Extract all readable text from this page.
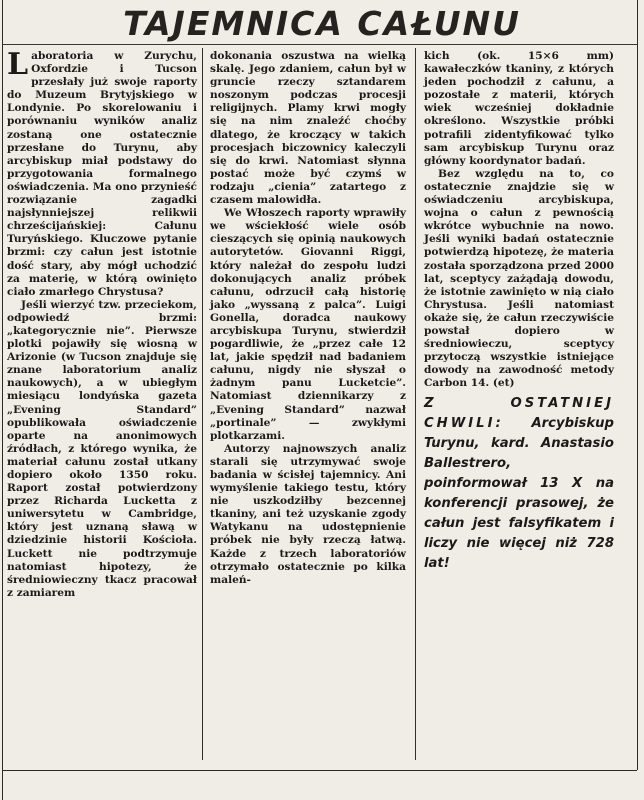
TAJEMNICA CAŁUNU

Laboratoria w Zurychu, Oxfordzie i Tucson przesłały już swoje raporty do Muzeum Brytyjskiego w Londynie. Po skorelowaniu i porównaniu wyników analiz zostaną one ostatecznie przesłane do Turynu, aby arcybiskup miał podstawy do przygotowania formalnego oświadczenia. Ma ono przynieść rozwiązanie zagadki najsłynniejszej relikwii chrześcijańskiej: Całunu Turyńskiego. Kluczowe pytanie brzmi: czy całun jest istotnie dość stary, aby mógł uchodzić za materię, w którą owinięto ciało zmarłego Chrystusa?

Jeśli wierzyć tzw. przeciekom, odpowiedź brzmi: „kategorycznie nie”. Pierwsze plotki pojawiły się wiosną w Arizonie (w Tucson znajduje się znane laboratorium analiz naukowych), a w ubiegłym miesiącu londyńska gazeta „Evening Standard” opublikowała oświadczenie oparte na anonimowych źródłach, z którego wynika, że materiał całunu został utkany dopiero około 1350 roku. Raport został potwierdzony przez Richarda Lucketta z uniwersytetu w Cambridge, który jest uznaną sławą w dziedzinie historii Kościoła. Luckett nie podtrzymuje natomiast hipotezy, że średniowieczny tkacz pracował z zamiarem

dokonania oszustwa na wielką skalę. Jego zdaniem, całun był w gruncie rzeczy sztandarem noszonym podczas procesji religijnych. Plamy krwi mogły się na nim znaleźć choćby dlatego, że kroczący w takich procesjach biczownicy kaleczyli się do krwi. Natomiast słynna postać może być czymś w rodzaju „cienia” zatartego z czasem malowidła.

We Włoszech raporty wprawiły we wściekłość wiele osób cieszących się opinią naukowych autorytetów. Giovanni Riggi, który należał do zespołu ludzi dokonujących analiz próbek całunu, odrzucił całą historię jako „wyssaną z palca”. Luigi Gonella, doradca naukowy arcybiskupa Turynu, stwierdził pogardliwie, że „przez całe 12 lat, jakie spędził nad badaniem całunu, nigdy nie słyszał o żadnym panu Lucketcie”. Natomiast dziennikarzy z „Evening Standard” nazwał „portinale” — zwykłymi plotkarzami.

Autorzy najnowszych analiz starali się utrzymywać swoje badania w ścisłej tajemnicy. Ani wymyślenie takiego testu, który nie uszkodziłby bezcennej tkaniny, ani też uzyskanie zgody Watykanu na udostępnienie próbek nie były rzeczą łatwą. Każde z trzech laboratoriów otrzymało ostatecznie po kilka maleń-

kich (ok. 15×6 mm) kawałeczków tkaniny, z których jeden pochodził z całunu, a pozostałe z materii, których wiek wcześniej dokładnie określono. Wszystkie próbki potrafili zidentyfikować tylko sam arcybiskup Turynu oraz główny koordynator badań.

Bez względu na to, co ostatecznie znajdzie się w oświadczeniu arcybiskupa, wojna o całun z pewnością wkrótce wybuchnie na nowo. Jeśli wyniki badań ostatecznie potwierdzą hipotezę, że materia została sporządzona przed 2000 lat, sceptycy zażądają dowodu, że istotnie zawinięto w nią ciało Chrystusa. Jeśli natomiast okaże się, że całun rzeczywiście powstał dopiero w średniowieczu, sceptycy przytoczą wszystkie istniejące dowody na zawodność metody Carbon 14. (et)

Z OSTATNIEJ CHWILI: Arcybiskup Turynu, kard. Anastasio Ballestrero, poinformował 13 X na konferencji prasowej, że całun jest falsyfikatem i liczy nie więcej niż 728 lat!
